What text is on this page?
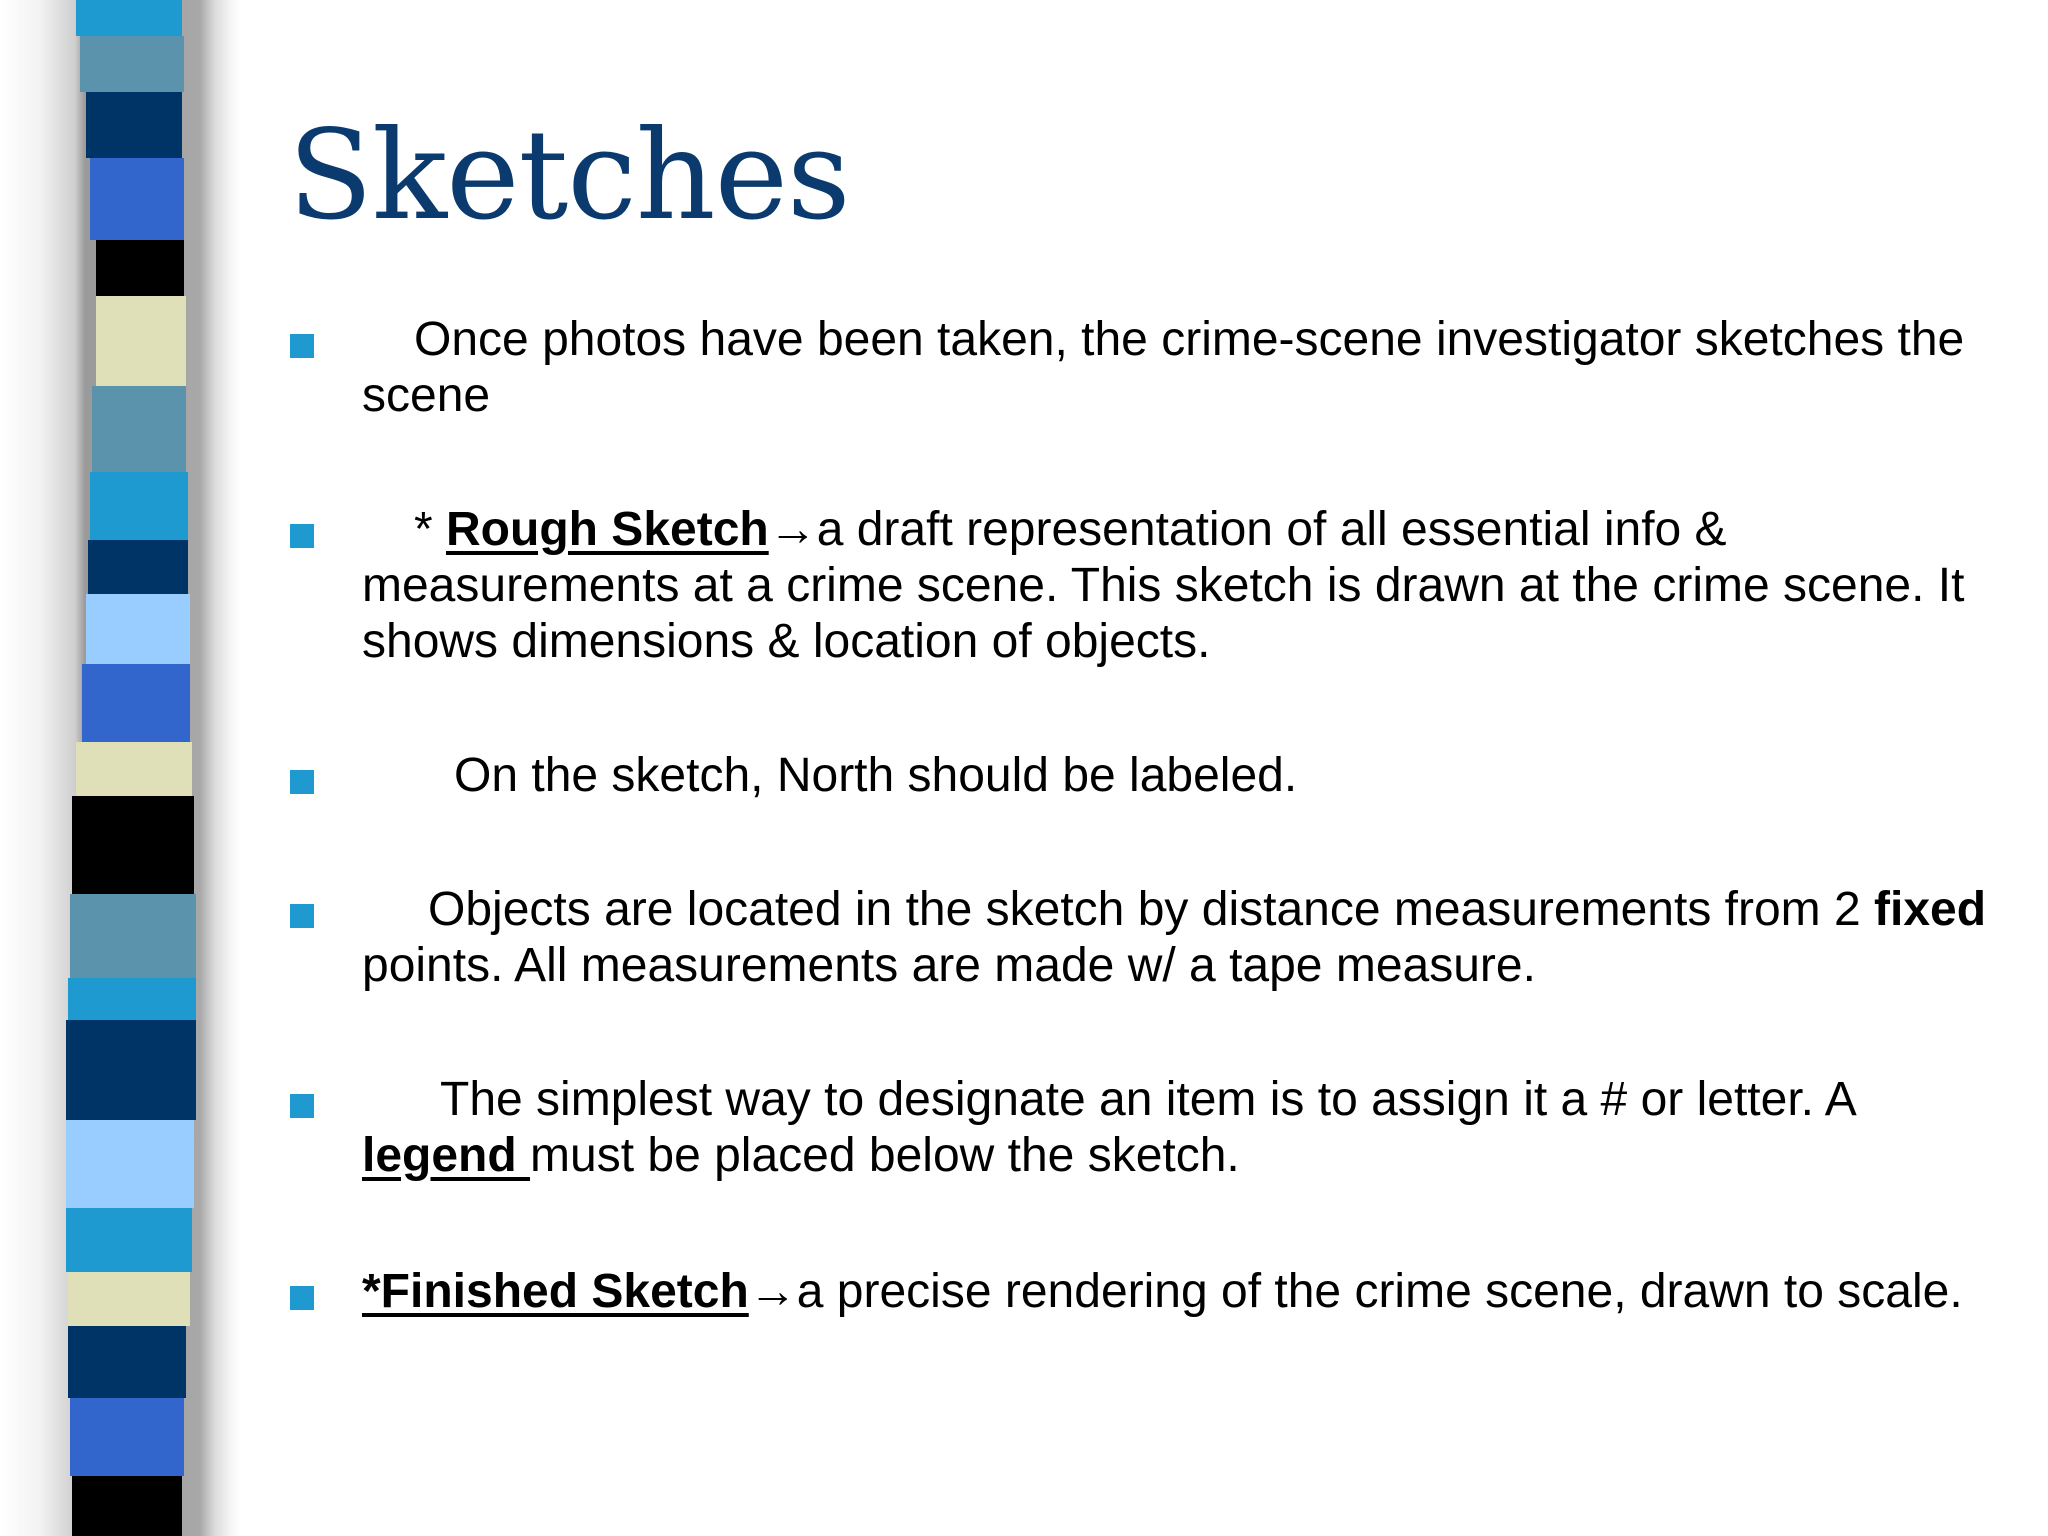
Sketches
Once photos have been taken, the crime-scene investigator sketches the scene
* Rough Sketch→a draft representation of all essential info & measurements at a crime scene. This sketch is drawn at the crime scene. It shows dimensions & location of objects.
On the sketch, North should be labeled.
Objects are located in the sketch by distance measurements from 2 fixed points. All measurements are made w/ a tape measure.
The simplest way to designate an item is to assign it a # or letter. A legend must be placed below the sketch.
*Finished Sketch→a precise rendering of the crime scene, drawn to scale.
